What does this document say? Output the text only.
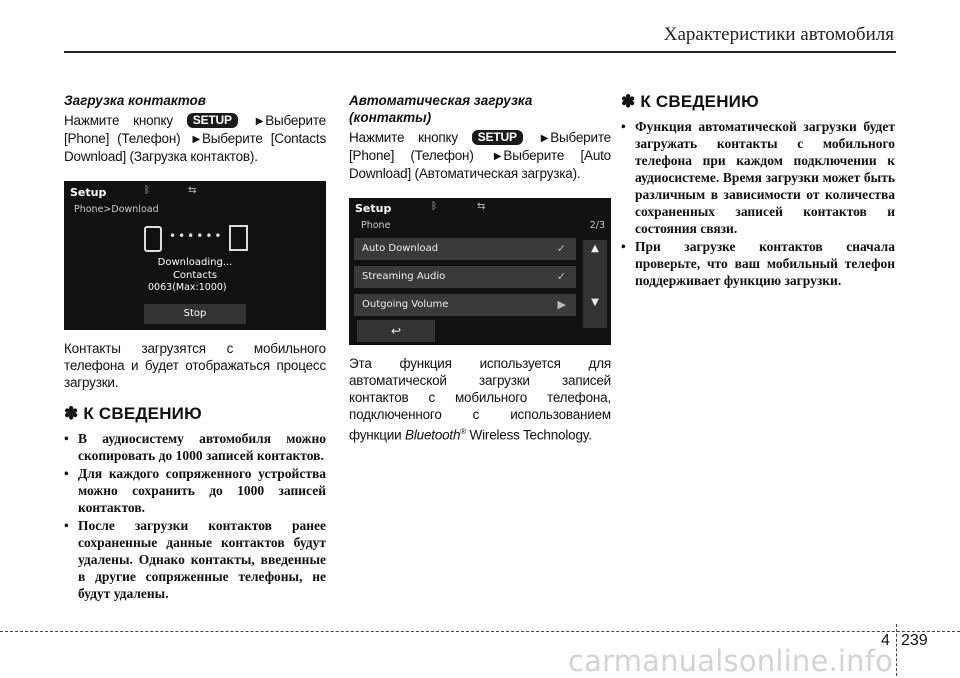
Характеристики автомобиля

Загрузка контактов

Нажмите кнопку SETUP ▶ Выберите [Phone] (Телефон) ▶ Выберите [Contacts Download] (Загрузка контактов).

Setup	ᛒ	⇆
Phone>Download
••••••
Downloading...
Contacts
0063(Max:1000)
Stop

Контакты загрузятся с мобильного телефона и будет отображаться процесс загрузки.

✽ К СВЕДЕНИЮ

• В аудиосистему автомобиля можно скопировать до 1000 записей контактов.
• Для каждого сопряженного устройства можно сохранить до 1000 записей контактов.
• После загрузки контактов ранее сохраненные данные контактов будут удалены. Однако контакты, введенные в другие сопряженные телефоны, не будут удалены.

Автоматическая загрузка (контакты)

Нажмите кнопку SETUP ▶ Выберите [Phone] (Телефон) ▶ Выберите [Auto Download] (Автоматическая загрузка).

Setup	ᛒ	⇆
Phone	2/3
Auto Download	✓
Streaming Audio	✓
Outgoing Volume	▶
▲
▼
↩

Эта функция используется для автоматической загрузки записей контактов с мобильного телефона, подключенного с использованием функции Bluetooth® Wireless Technology.

✽ К СВЕДЕНИЮ

• Функция автоматической загрузки будет загружать контакты с мобильного телефона при каждом подключении к аудиосистеме. Время загрузки может быть различным в зависимости от количества сохраненных записей контактов и состояния связи.
• При загрузке контактов сначала проверьте, что ваш мобильный телефон поддерживает функцию загрузки.
4 239
carmanualsonline.info
